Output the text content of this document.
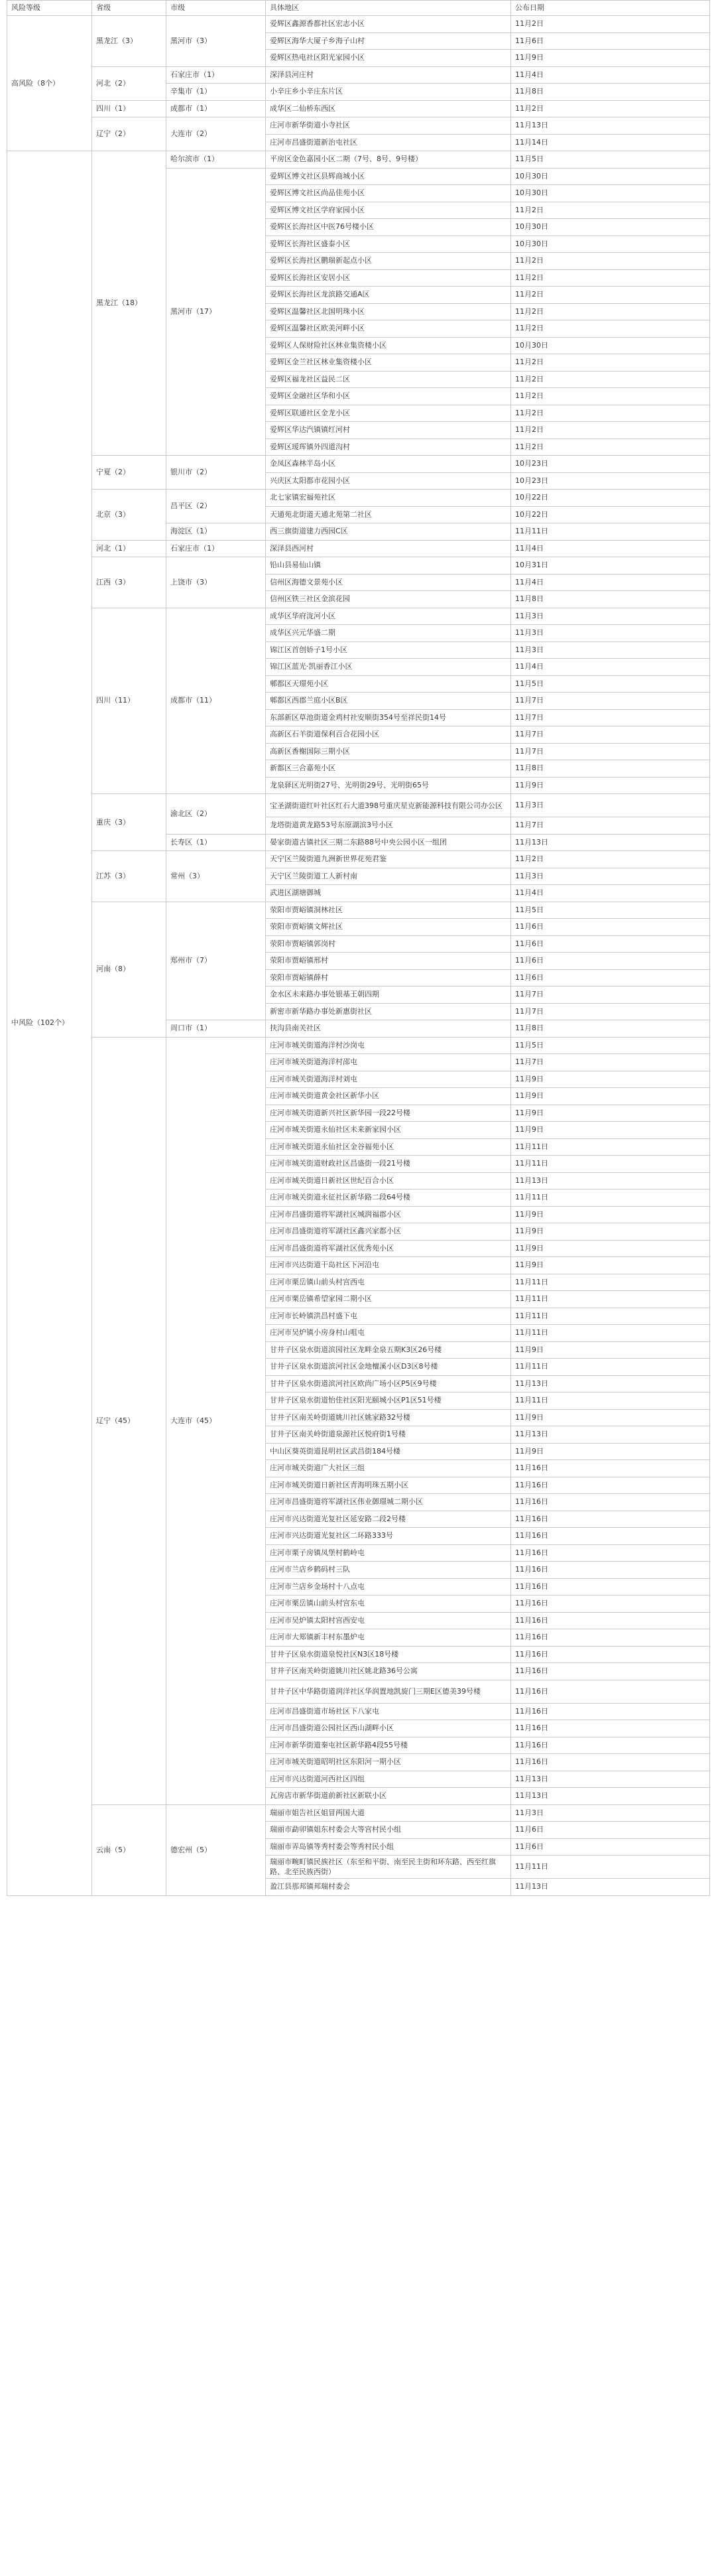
风险等级	省级	市级	具体地区	公布日期
高风险（8个）	黑龙江（3）	黑河市（3）	爱辉区鑫源香都社区宏志小区	11月2日
			爱辉区海华大厦子乡海子山村	11月6日
			爱辉区热电社区阳光家园小区	11月9日
	河北（2）	石家庄市（1）	深泽县河庄村	11月4日
		辛集市（1）	小辛庄乡小辛庄东片区	11月8日
	四川（1）	成都市（1）	成华区二仙桥东西区	11月2日
	辽宁（2）	大连市（2）	庄河市新华街道小寺社区	11月13日
			庄河市昌盛街道新治屯社区	11月14日
中风险（102个）	黑龙江（18）	哈尔滨市（1）	平房区金色嘉园小区二期（7号、8号、9号楼）	11月5日
		黑河市（17）	爱辉区博文社区县辉商城小区	10月30日
			爱辉区博文社区尚品佳苑小区	10月30日
			爱辉区博文社区学府家园小区	11月2日
			爱辉区长海社区中医76号楼小区	10月30日
			爱辉区长海社区盛泰小区	10月30日
			爱辉区长海社区鹏瑞新起点小区	11月2日
			爱辉区长海社区安居小区	11月2日
			爱辉区长海社区龙滨路交通A区	11月2日
			爱辉区温馨社区北国明珠小区	11月2日
			爱辉区温馨社区欧美河畔小区	11月2日
			爱辉区人保财险社区林业集资楼小区	10月30日
			爱辉区金兰社区林业集资楼小区	11月2日
			爱辉区福龙社区益民二区	11月2日
			爱辉区金融社区华和小区	11月2日
			爱辉区联通社区金龙小区	11月2日
			爱辉区华达汽镇镇红河村	11月2日
			爱辉区瑷珲镇外四道沟村	11月2日
	宁夏（2）	银川市（2）	金凤区森林半岛小区	10月23日
			兴庆区太阳都市花园小区	10月23日
	北京（3）	昌平区（2）	北七家镇宏福苑社区	10月22日
			天通苑北街道天通北苑第二社区	10月22日
		海淀区（1）	西三旗街道建力西园C区	11月11日
	河北（1）	石家庄市（1）	深泽县西河村	11月4日
	江西（3）	上饶市（3）	铅山县易仙山镇	10月31日
			信州区海德文景苑小区	11月4日
			信州区铁三社区金滨花园	11月8日
	四川（11）	成都市（11）	成华区华府泷河小区	11月3日
			成华区兴元华盛二期	11月3日
			锦江区首创娇子1号小区	11月3日
			锦江区蓝光·凯丽香江小区	11月4日
			郫都区天璟苑小区	11月5日
			郫都区西郡兰庭小区B区	11月7日
			东部新区草池街道金鸡村社安顺街354号至祥民街14号	11月7日
			高新区石羊街道保利百合花园小区	11月7日
			高新区香榭国际三期小区	11月7日
			新都区三合嘉苑小区	11月8日
			龙泉驿区光明街27号、光明街29号、光明街65号	11月9日
	重庆（3）	渝北区（2）	宝圣湖街道红叶社区红石大道398号重庆星克新能源科技有限公司办公区	11月3日
			龙塔街道黄龙路53号东原湖滨3号小区	11月7日
		长寿区（1）	晏家街道古镇社区三期二东路88号中央公园小区一组团	11月13日
	江苏（3）	常州（3）	天宁区兰陵街道九洲新世界花苑君鉴	11月2日
			天宁区兰陵街道工人新村南	11月3日
			武进区湖塘御城	11月4日
	河南（8）	郑州市（7）	荥阳市贾峪镇洞林社区	11月5日
			荥阳市贾峪镇文辉社区	11月6日
			荥阳市贾峪镇郭岗村	11月6日
			荥阳市贾峪镇邢村	11月6日
			荥阳市贾峪镇薛村	11月6日
			金水区未来路办事处银基王朝四期	11月7日
			新密市新华路办事处新惠街社区	11月7日
		周口市（1）	扶沟县南关社区	11月8日
	辽宁（45）	大连市（45）	庄河市城关街道海洋村沙岗屯	11月5日
			庄河市城关街道海洋村邵屯	11月7日
			庄河市城关街道海洋村刘屯	11月9日
			庄河市城关街道黄金社区新华小区	11月9日
			庄河市城关街道新兴社区新华园一段22号楼	11月9日
			庄河市城关街道永仙社区未来新家园小区	11月9日
			庄河市城关街道永仙社区金谷福苑小区	11月11日
			庄河市城关街道财政社区昌盛街一段21号楼	11月11日
			庄河市城关街道日新社区世纪百合小区	11月13日
			庄河市城关街道永征社区新华路二段64号楼	11月11日
			庄河市昌盛街道将军湖社区城润福郡小区	11月9日
			庄河市昌盛街道将军湖社区鑫兴家都小区	11月9日
			庄河市昌盛街道将军湖社区优秀苑小区	11月9日
			庄河市兴达街道干岛社区下河沿屯	11月9日
			庄河市栗岳镇山前头村宫西屯	11月11日
			庄河市栗岳镇希望家园二期小区	11月11日
			庄河市长岭镇洪昌村盛下屯	11月11日
			庄河市吴炉镇小房身村山咀屯	11月11日
			甘井子区泉水街道滨园社区龙畔金泉五期K3区26号楼	11月9日
			甘井子区泉水街道滨河社区金地檀溪小区D3区8号楼	11月11日
			甘井子区泉水街道滨河社区欧尚广场小区P5区9号楼	11月13日
			甘井子区泉水街道怡佳社区阳光颐城小区P1区51号楼	11月11日
			甘井子区南关岭街道姚川社区姚家路32号楼	11月9日
			甘井子区南关岭街道泉源社区悦府街1号楼	11月13日
			中山区葵英街道昆明社区武昌街184号楼	11月9日
			庄河市城关街道广大社区三组	11月16日
			庄河市城关街道日新社区青海明珠五期小区	11月16日
			庄河市昌盛街道将军湖社区伟业御璟城二期小区	11月16日
			庄河市兴达街道光复社区延安路二段2号楼	11月16日
			庄河市兴达街道光复社区二环路333号	11月16日
			庄河市栗子房镇凤堡村鹤岭屯	11月16日
			庄河市兰店乡鹤码村三队	11月16日
			庄河市兰店乡金场村十八点屯	11月16日
			庄河市栗岳镇山前头村宫东屯	11月16日
			庄河市吴炉镇太阳村宫西安屯	11月16日
			庄河市大郑镇新丰村东墨炉屯	11月16日
			甘井子区泉水街道泉悦社区N3区18号楼	11月16日
			甘井子区南关岭街道姚川社区姚北路36号公寓	11月16日
			甘井子区中华路街道润洋社区华润置地凯旋门三期E区德美39号楼	11月16日
			庄河市昌盛街道市场社区下八家屯	11月16日
			庄河市昌盛街道公园社区西山湖畔小区	11月16日
			庄河市新华街道秦屯社区新华路4段55号楼	11月16日
			庄河市城关街道昭明社区东阳河一期小区	11月16日
			庄河市兴达街道河西社区四组	11月13日
			瓦房店市新华街道前新社区新联小区	11月13日
	云南（5）	德宏州（5）	瑞丽市姐告社区姐冒两国大道	11月3日
			瑞丽市勐卯镇姐东村委会大等宫村民小组	11月6日
			瑞丽市弄岛镇等秀村委会等秀村民小组	11月6日
			瑞丽市畹町镇民族社区（东至和平街、南至民主街和环东路、西至红旗路、北至民族西街）	11月11日
			盈江县那邦镇邦瑞村委会	11月13日
